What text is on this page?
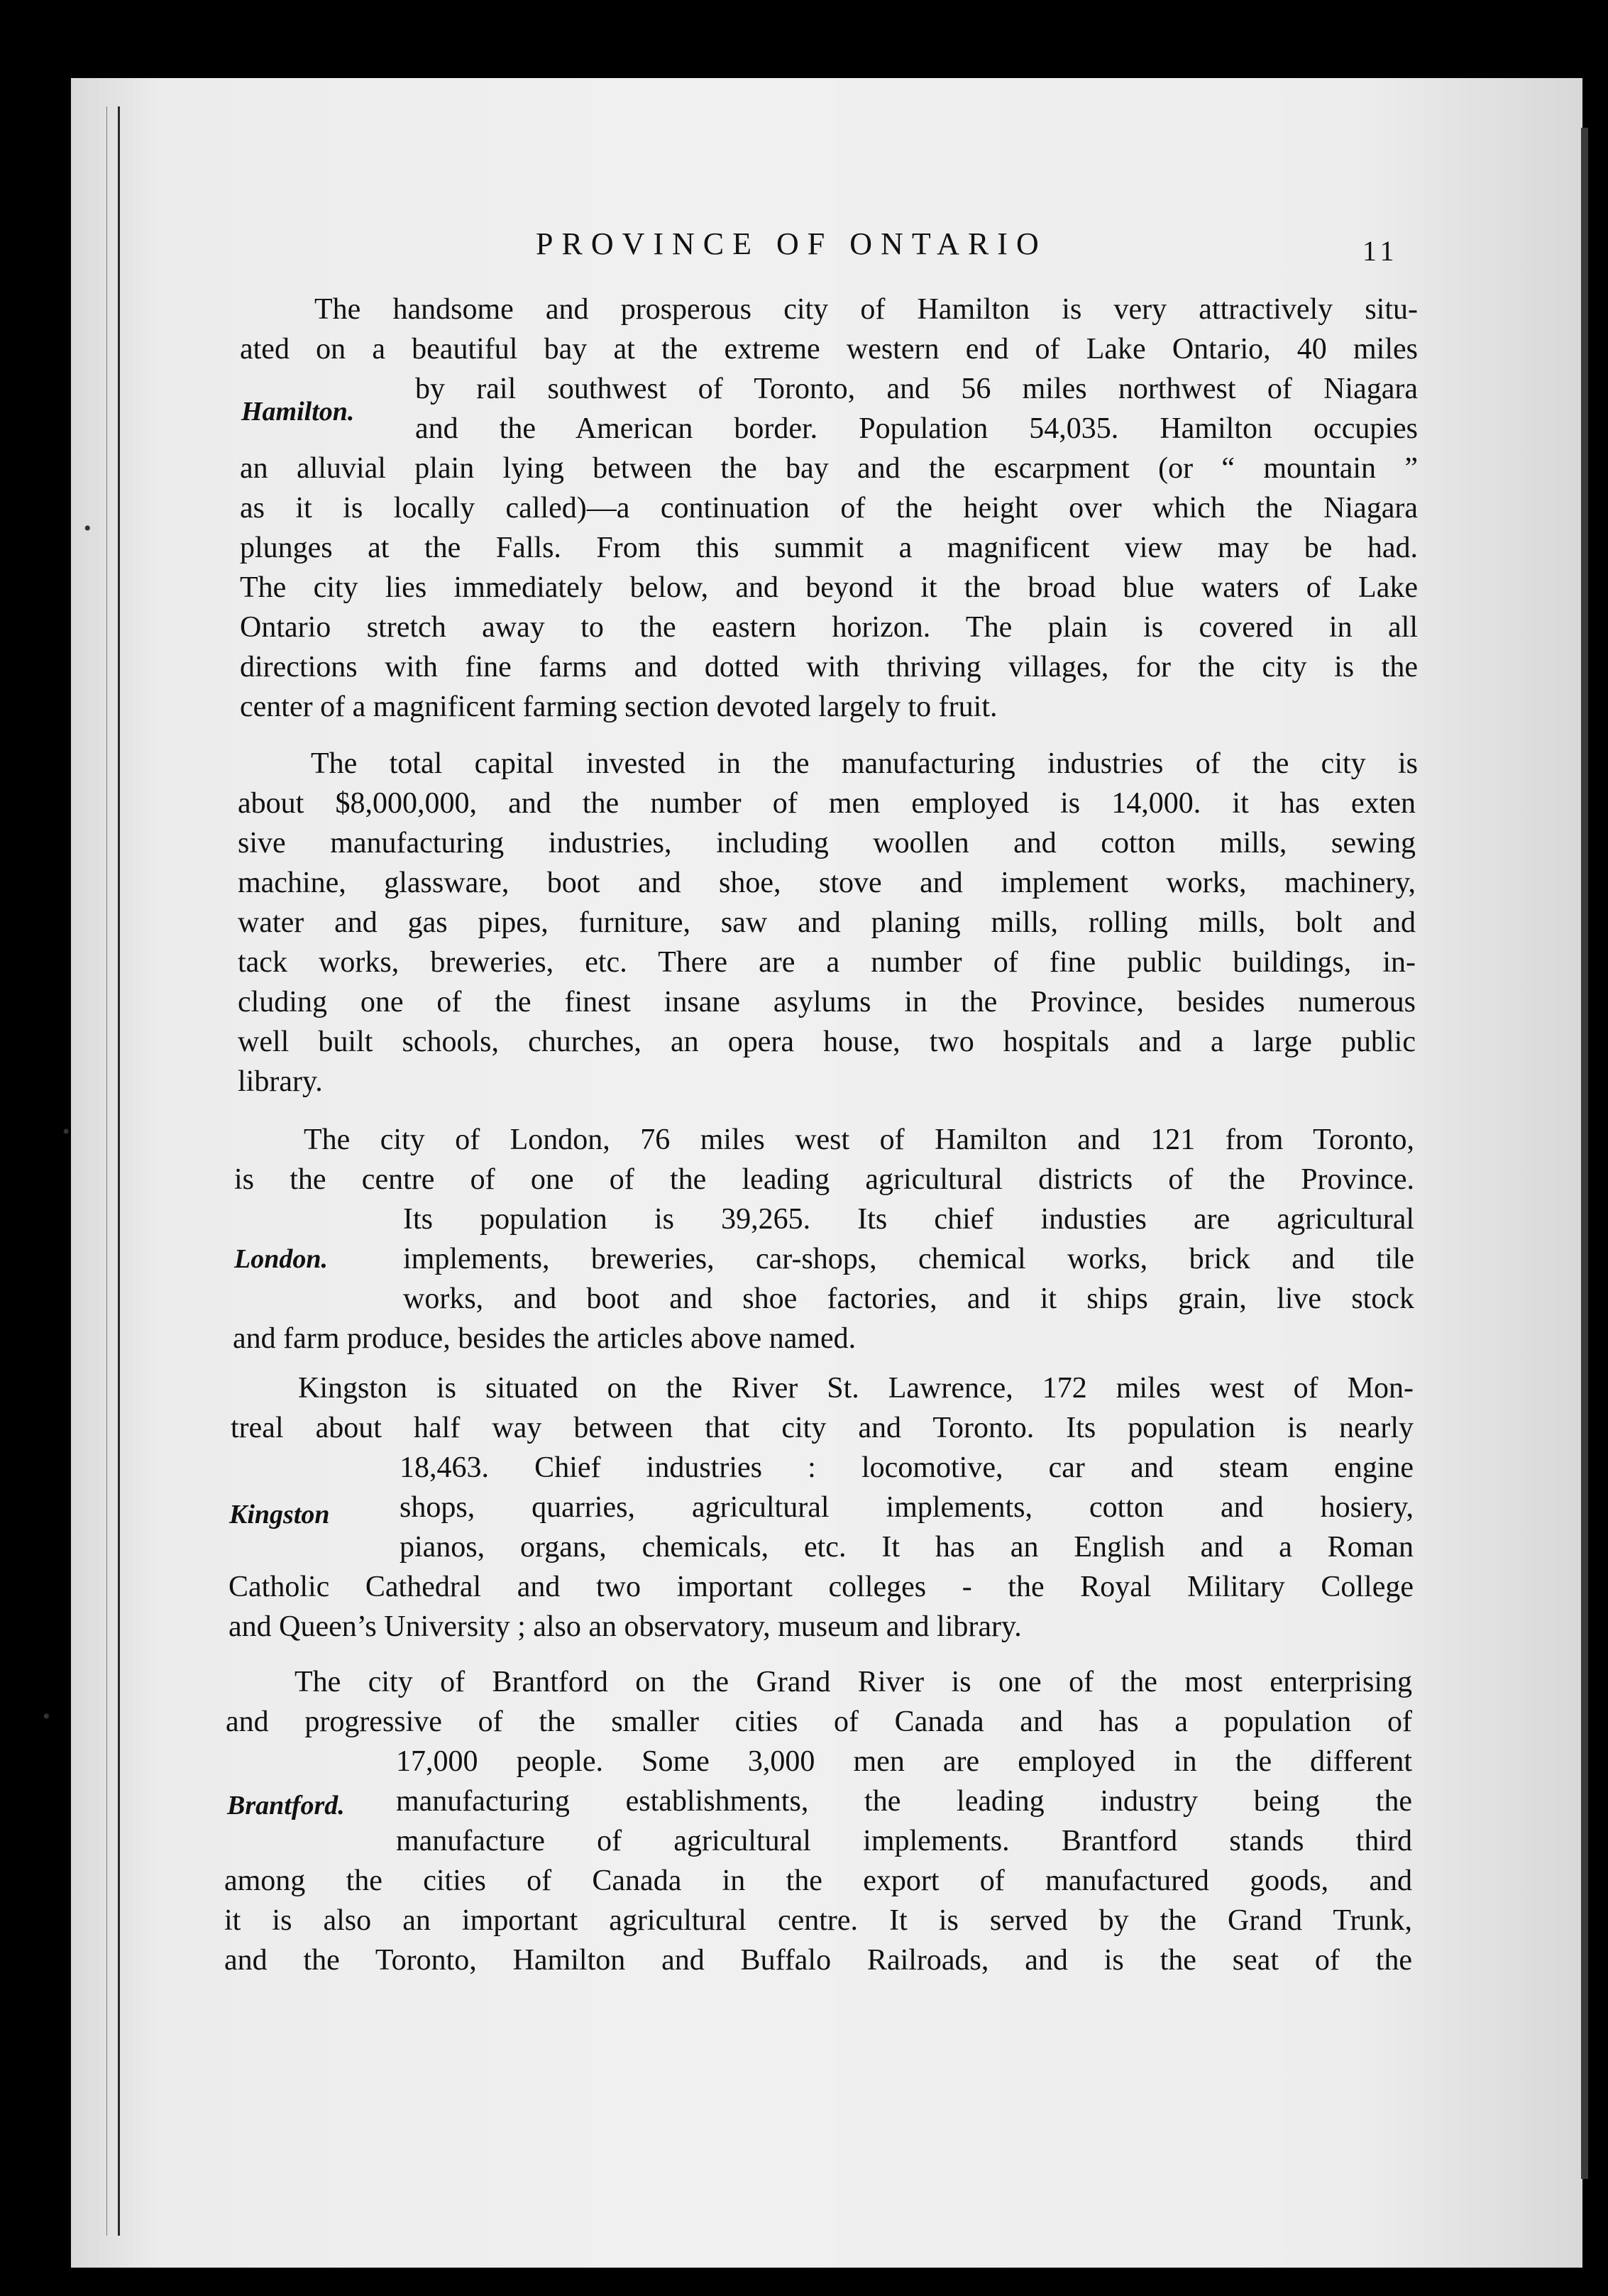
•
•
•
PROVINCE OF ONTARIO	11
The handsome and prosperous city of Hamilton is very attractively situ-
ated on a beautiful bay at the extreme western end of Lake Ontario, 40 miles
Hamilton.
by rail southwest of Toronto, and 56 miles northwest of Niagara
and the American border. Population 54,035. Hamilton occupies
an alluvial plain lying between the bay and the escarpment (or “ mountain ”
as it is locally called)—a continuation of the height over which the Niagara
plunges at the Falls. From this summit a magnificent view may be had.
The city lies immediately below, and beyond it the broad blue waters of Lake
Ontario stretch away to the eastern horizon. The plain is covered in all
directions with fine farms and dotted with thriving villages, for the city is the
center of a magnificent farming section devoted largely to fruit.
The total capital invested in the manufacturing industries of the city is
about $8,000,000, and the number of men employed is 14,000. it has exten
sive manufacturing industries, including woollen and cotton mills, sewing
machine, glassware, boot and shoe, stove and implement works, machinery,
water and gas pipes, furniture, saw and planing mills, rolling mills, bolt and
tack works, breweries, etc. There are a number of fine public buildings, in-
cluding one of the finest insane asylums in the Province, besides numerous
well built schools, churches, an opera house, two hospitals and a large public
library.
The city of London, 76 miles west of Hamilton and 121 from Toronto,
is the centre of one of the leading agricultural districts of the Province.
Its population is 39,265. Its chief industies are agricultural
London.	implements, breweries, car-shops, chemical works, brick and tile
works, and boot and shoe factories, and it ships grain, live stock
and farm produce, besides the articles above named.
Kingston is situated on the River St. Lawrence, 172 miles west of Mon-
treal about half way between that city and Toronto. Its population is nearly
18,463. Chief industries : locomotive, car and steam engine
Kingston shops, quarries, agricultural implements, cotton and hosiery,
pianos, organs, chemicals, etc. It has an English and a Roman
Catholic Cathedral and two important colleges - the Royal Military College
and Queen’s University ; also an observatory, museum and library.
The city of Brantford on the Grand River is one of the most enterprising
and progressive of the smaller cities of Canada and has a population of
17,000 people. Some 3,000 men are employed in the different
Brantford. manufacturing establishments, the leading industry being the
manufacture of agricultural implements. Brantford stands third
among the cities of Canada in the export of manufactured goods, and
it is also an important agricultural centre. It is served by the Grand Trunk,
and the Toronto, Hamilton and Buffalo Railroads, and is the seat of the
